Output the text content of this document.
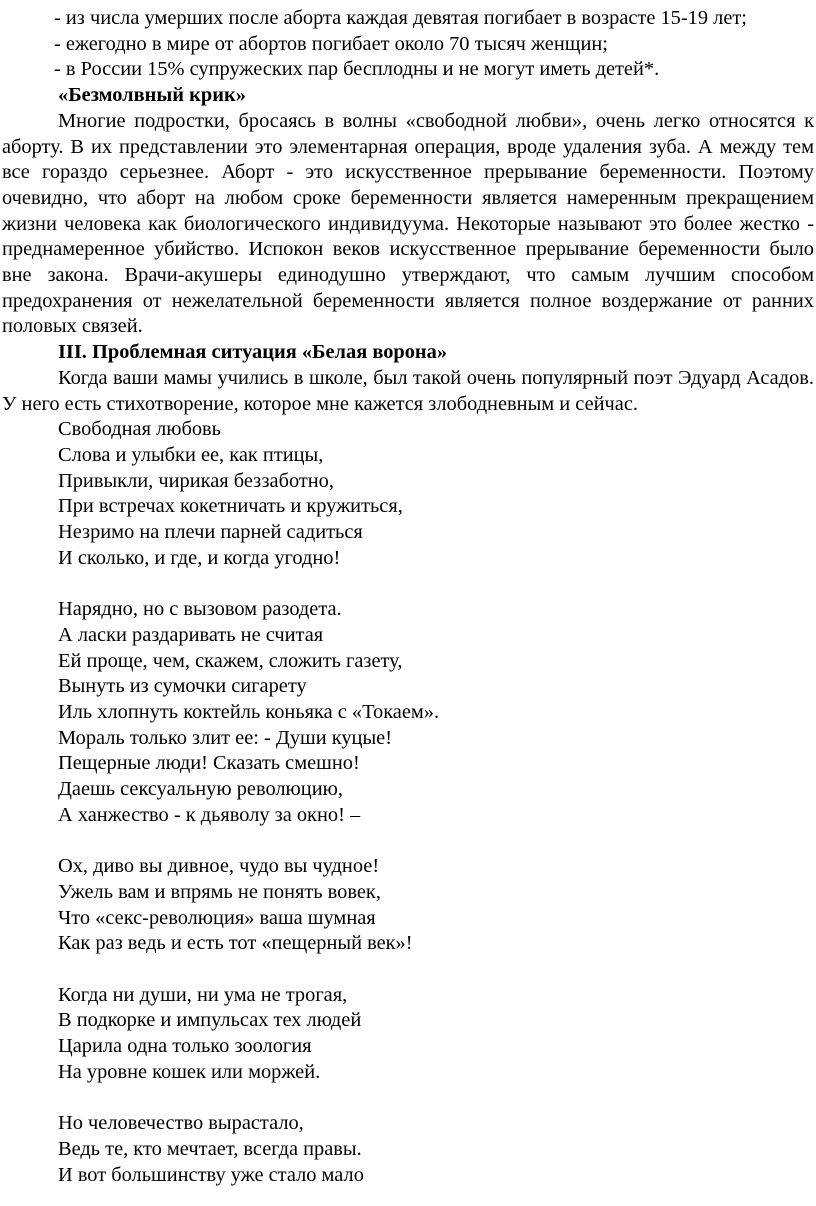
- из числа умерших после аборта каждая девятая погибает в возрасте 15-19 лет;

- ежегодно в мире от абортов погибает около 70 тысяч женщин;

- в России 15% супружеских пар бесплодны и не могут иметь детей*.

«Безмолвный крик»

Многие подростки, бросаясь в волны «свободной любви», очень легко относятся к аборту. В их представлении это элементарная операция, вроде удаления зуба. А между тем все гораздо серьезнее. Аборт - это искусственное прерывание беременности. Поэтому очевидно, что аборт на любом сроке беременности является намеренным прекращением жизни человека как биологического индивидуума. Некоторые называют это более жестко - преднамеренное убийство. Испокон веков искусственное прерывание беременности было вне закона. Врачи-акушеры единодушно утверждают, что самым лучшим способом предохранения от нежелательной беременности является полное воздержание от ранних половых связей.

III. Проблемная ситуация «Белая ворона»

Когда ваши мамы учились в школе, был такой очень популярный поэт Эдуард Асадов. У него есть стихотворение, которое мне кажется злободневным и сейчас.

Свободная любовь
Слова и улыбки ее, как птицы,
Привыкли, чирикая беззаботно,
При встречах кокетничать и кружиться,
Незримо на плечи парней садиться
И сколько, и где, и когда угодно!
Нарядно, но с вызовом разодета.
А ласки раздаривать не считая
Ей проще, чем, скажем, сложить газету,
Вынуть из сумочки сигарету
Иль хлопнуть коктейль коньяка с «Токаем».
Мораль только злит ее: - Души куцые!
Пещерные люди! Сказать смешно!
Даешь сексуальную революцию,
А ханжество - к дьяволу за окно! –
Ох, диво вы дивное, чудо вы чудное!
Ужель вам и впрямь не понять вовек,
Что «секс-революция» ваша шумная
Как раз ведь и есть тот «пещерный век»!
Когда ни души, ни ума не трогая,
В подкорке и импульсах тех людей
Царила одна только зоология
На уровне кошек или моржей.
Но человечество вырастало,
Ведь те, кто мечтает, всегда правы.
И вот большинству уже стало мало
